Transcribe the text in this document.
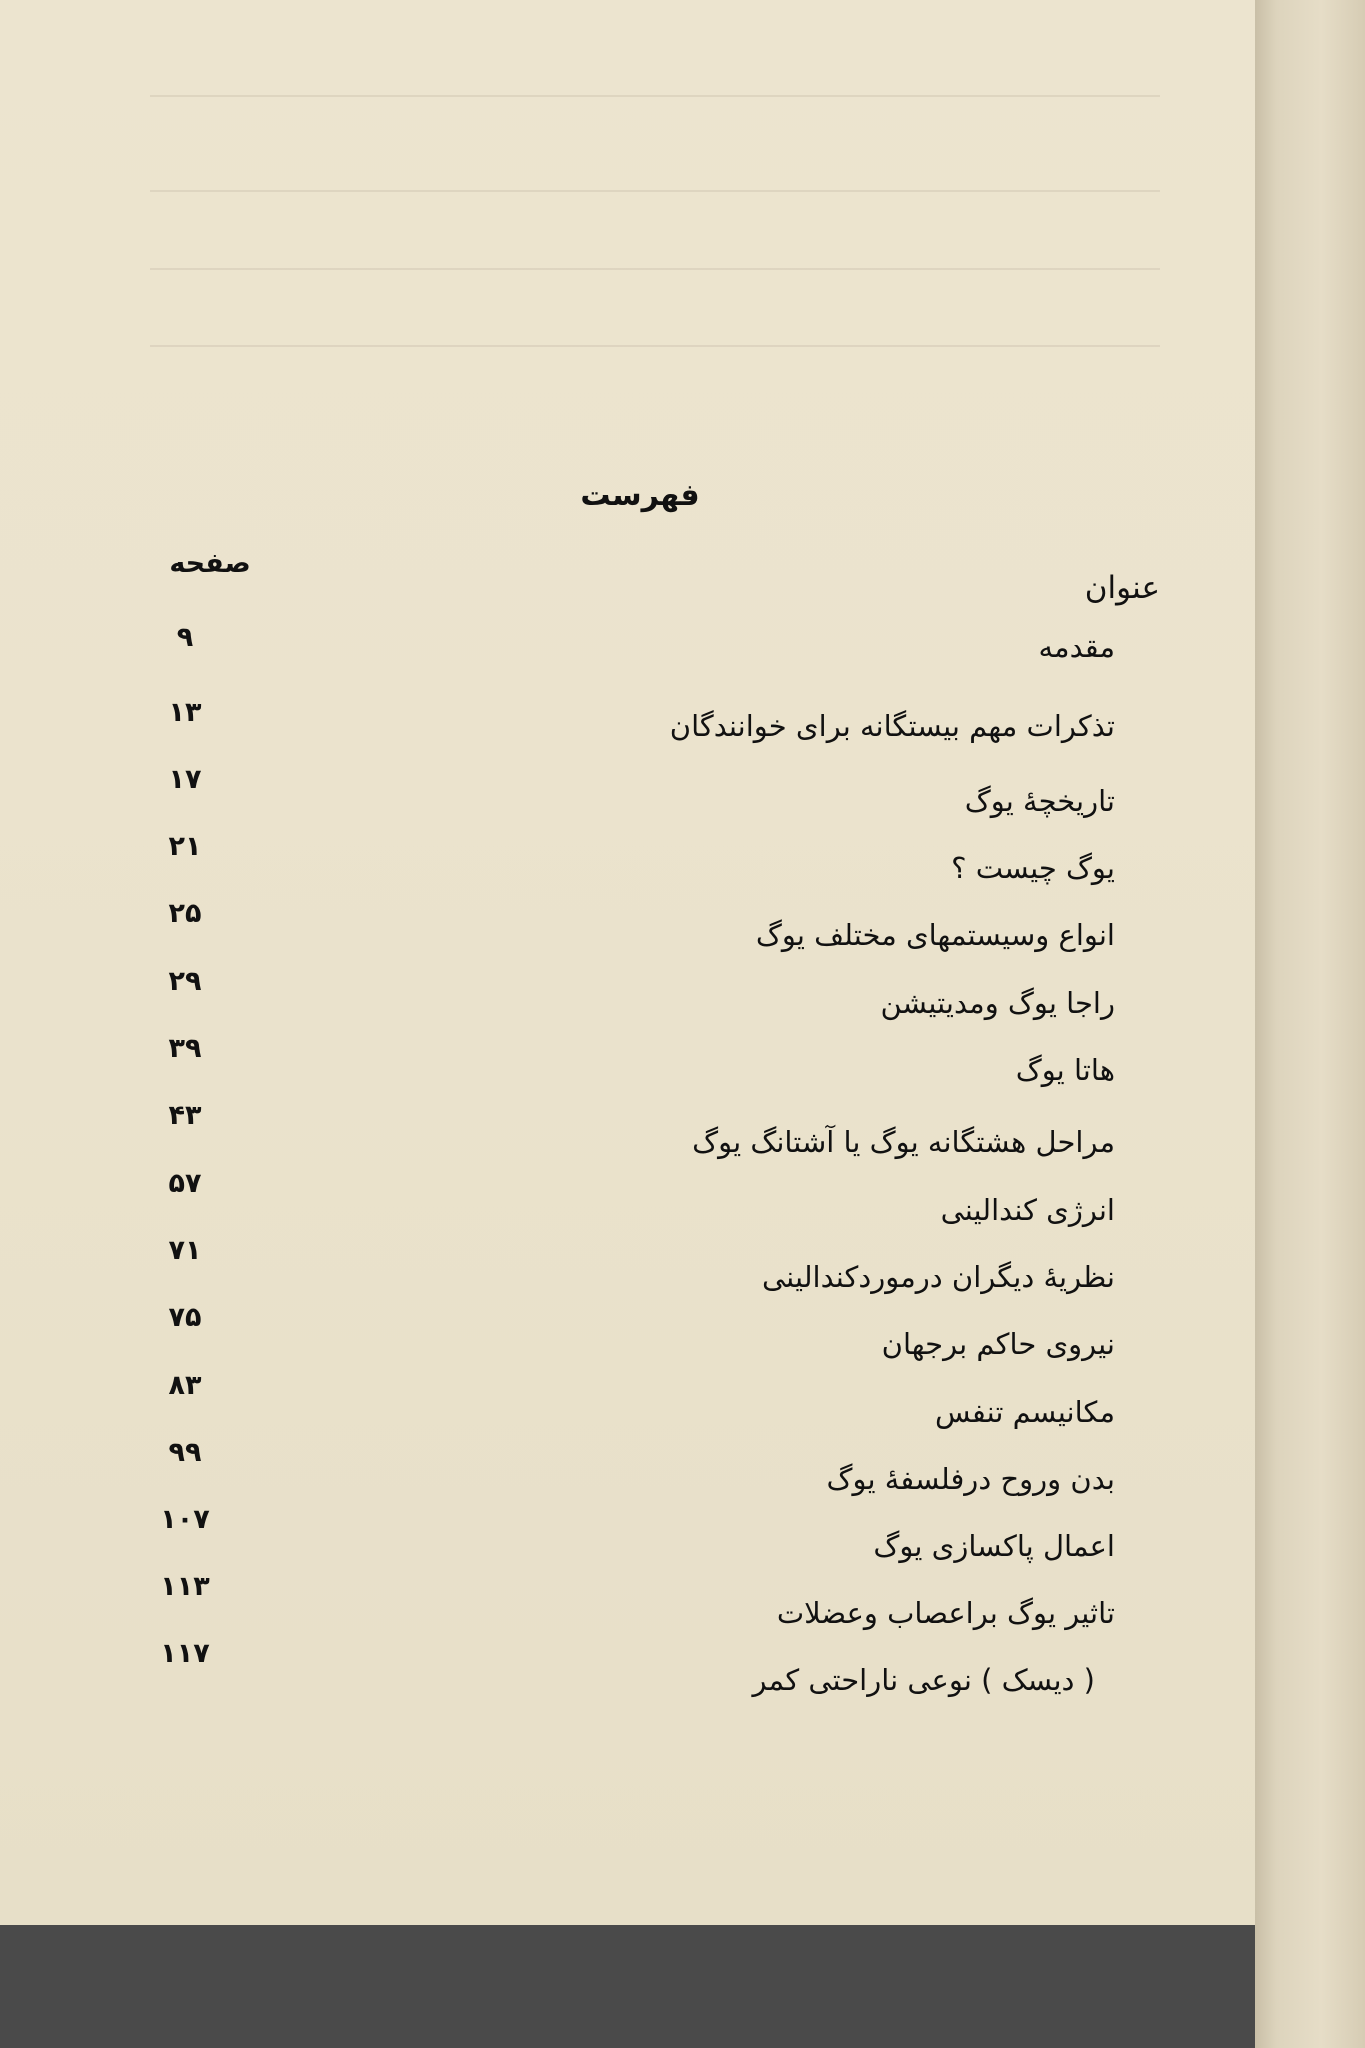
فهرست
صفحه
عنوان
مقدمه
۹
تذکرات مهم بیستگانه برای خوانندگان
۱۳
تاریخچهٔ یوگ
۱۷
یوگ چیست ؟
۲۱
انواع وسیستمهای مختلف یوگ
۲۵
راجا یوگ ومدیتیشن
۲۹
هاتا یوگ
۳۹
مراحل هشتگانه یوگ یا آشتانگ یوگ
۴۳
انرژی کندالینی
۵۷
نظریهٔ دیگران درموردکندالینی
۷۱
نیروی حاکم برجهان
۷۵
مکانیسم تنفس
۸۳
بدن وروح درفلسفهٔ یوگ
۹۹
اعمال پاکسازی یوگ
۱۰۷
تاثیر یوگ براعصاب وعضلات
۱۱۳
( دیسک ) نوعی ناراحتی کمر
۱۱۷
